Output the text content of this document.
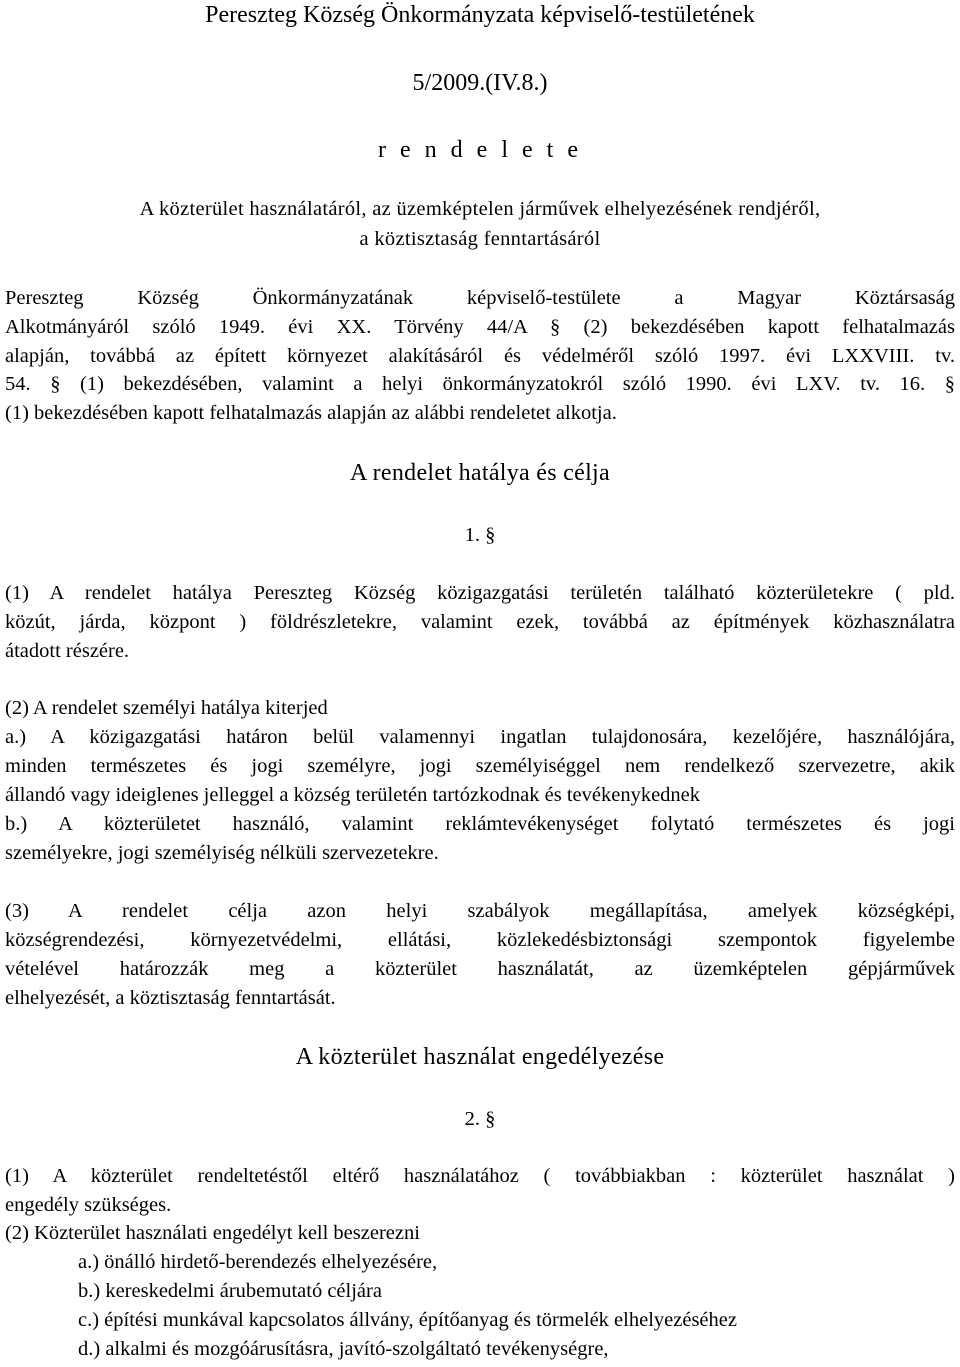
Pereszteg Község Önkormányzata képviselő-testületének
5/2009.(IV.8.)
r e n d e l e t e
A közterület használatáról, az üzemképtelen járművek elhelyezésének rendjéről,
a köztisztaság fenntartásáról
Pereszteg Község Önkormányzatának képviselő-testülete a Magyar Köztársaság
Alkotmányáról szóló 1949. évi XX. Törvény 44/A § (2) bekezdésében kapott felhatalmazás
alapján, továbbá az épített környezet alakításáról és védelméről szóló 1997. évi LXXVIII. tv.
54. § (1) bekezdésében, valamint a helyi önkormányzatokról szóló 1990. évi LXV. tv. 16. §
(1) bekezdésében kapott felhatalmazás alapján az alábbi rendeletet alkotja.
A rendelet hatálya és célja
1. §
(1) A rendelet hatálya Pereszteg Község közigazgatási területén található közterületekre ( pld.
közút, járda, központ ) földrészletekre, valamint ezek, továbbá az építmények közhasználatra
átadott részére.
(2) A rendelet személyi hatálya kiterjed
a.) A közigazgatási határon belül valamennyi ingatlan tulajdonosára, kezelőjére, használójára,
minden természetes és jogi személyre, jogi személyiséggel nem rendelkező szervezetre, akik
állandó vagy ideiglenes jelleggel a község területén tartózkodnak és tevékenykednek
b.) A közterületet használó, valamint reklámtevékenységet folytató természetes és jogi
személyekre, jogi személyiség nélküli szervezetekre.
(3) A rendelet célja azon helyi szabályok megállapítása, amelyek községképi,
községrendezési, környezetvédelmi, ellátási, közlekedésbiztonsági szempontok figyelembe
vételével határozzák meg a közterület használatát, az üzemképtelen gépjárművek
elhelyezését, a köztisztaság fenntartását.
A közterület használat engedélyezése
2. §
(1) A közterület rendeltetéstől eltérő használatához ( továbbiakban : közterület használat )
engedély szükséges.
(2) Közterület használati engedélyt kell beszerezni
a.) önálló hirdető-berendezés elhelyezésére,
b.) kereskedelmi árubemutató céljára
c.) építési munkával kapcsolatos állvány, építőanyag és törmelék elhelyezéséhez
d.) alkalmi és mozgóárusításra, javító-szolgáltató tevékenységre,
